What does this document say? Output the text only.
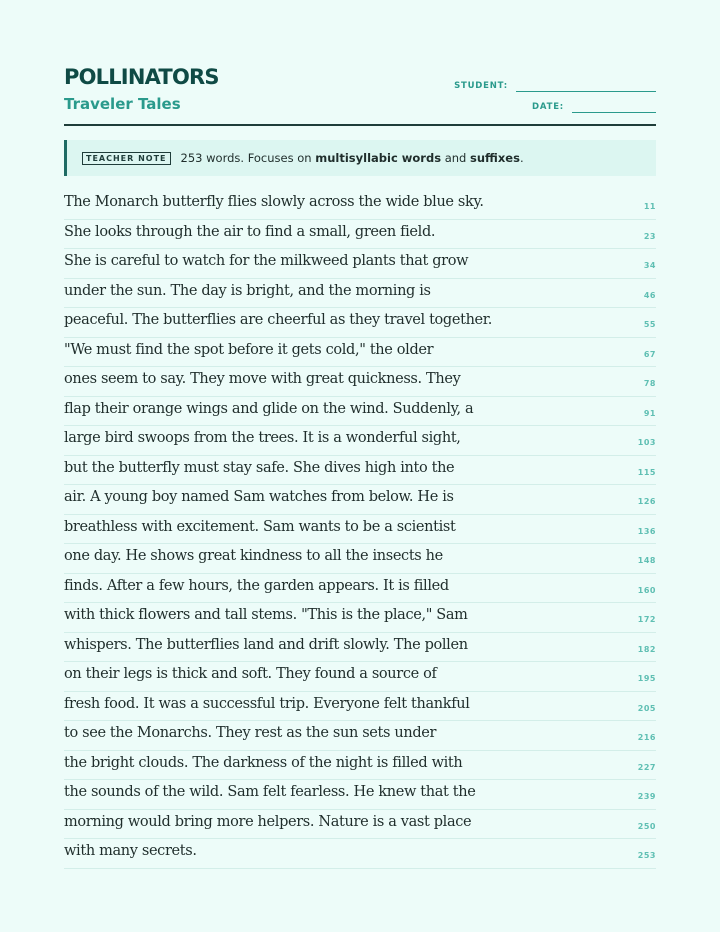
POLLINATORS
Traveler Tales
STUDENT:
DATE:
TEACHER NOTE	253 words. Focuses on multisyllabic words and suffixes.
The Monarch butterfly flies slowly across the wide blue sky.	11
She looks through the air to find a small, green field.	23
She is careful to watch for the milkweed plants that grow	34
under the sun. The day is bright, and the morning is	46
peaceful. The butterflies are cheerful as they travel together.	55
"We must find the spot before it gets cold," the older	67
ones seem to say. They move with great quickness. They	78
flap their orange wings and glide on the wind. Suddenly, a	91
large bird swoops from the trees. It is a wonderful sight,	103
but the butterfly must stay safe. She dives high into the	115
air. A young boy named Sam watches from below. He is	126
breathless with excitement. Sam wants to be a scientist	136
one day. He shows great kindness to all the insects he	148
finds. After a few hours, the garden appears. It is filled	160
with thick flowers and tall stems. "This is the place," Sam	172
whispers. The butterflies land and drift slowly. The pollen	182
on their legs is thick and soft. They found a source of	195
fresh food. It was a successful trip. Everyone felt thankful	205
to see the Monarchs. They rest as the sun sets under	216
the bright clouds. The darkness of the night is filled with	227
the sounds of the wild. Sam felt fearless. He knew that the	239
morning would bring more helpers. Nature is a vast place	250
with many secrets.	253
